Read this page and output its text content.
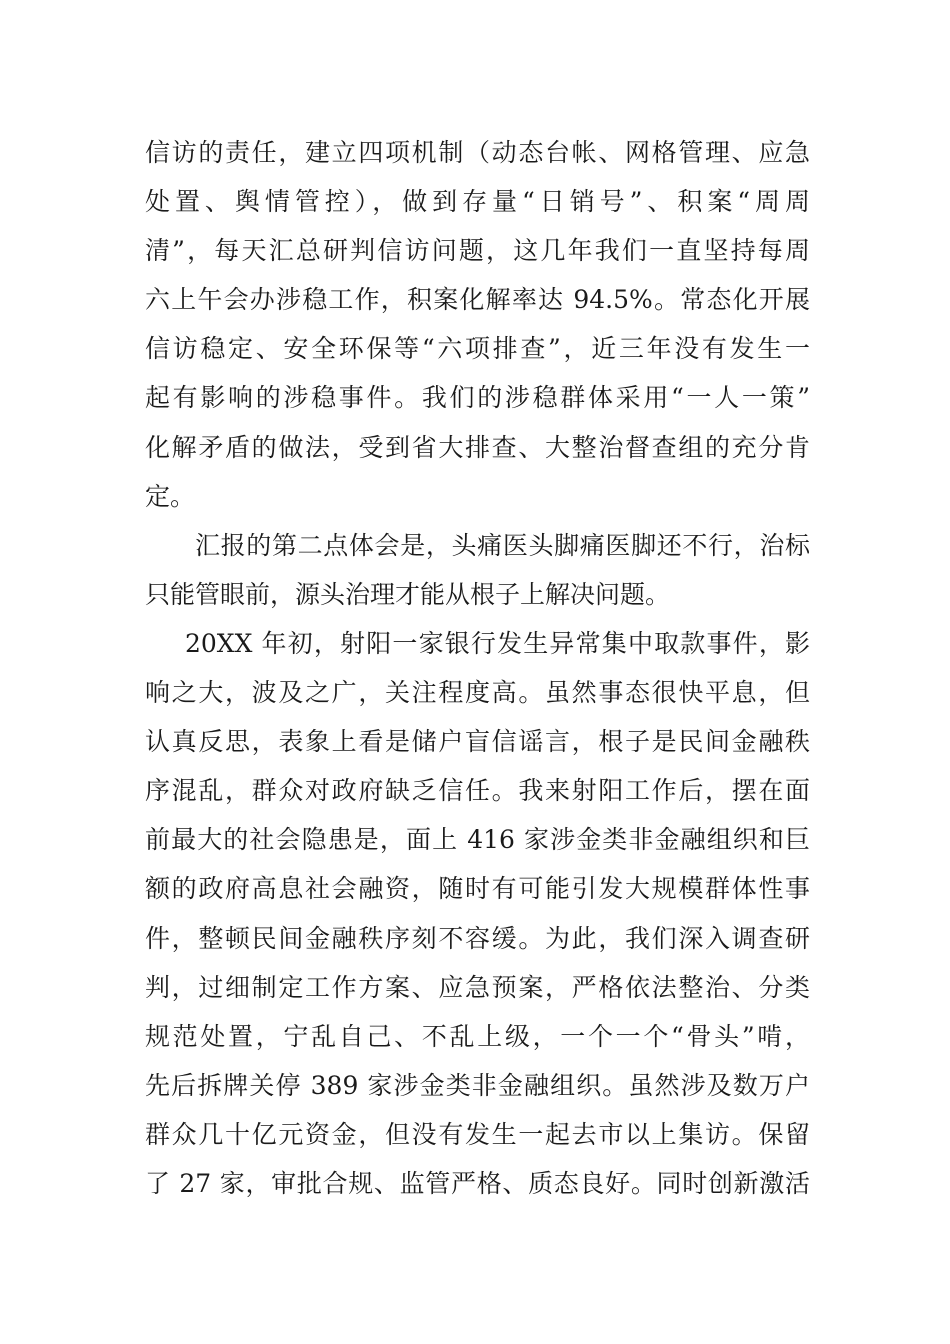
信访的责任，建立四项机制（动态台帐、网格管理、应急
处置、舆情管控），做到存量“日销号”、积案“周周
清”，每天汇总研判信访问题，这几年我们一直坚持每周
六上午会办涉稳工作，积案化解率达 94.5%。常态化开展
信访稳定、安全环保等“六项排查”，近三年没有发生一
起有影响的涉稳事件。我们的涉稳群体采用“一人一策”
化解矛盾的做法，受到省大排查、大整治督查组的充分肯
定。
汇报的第二点体会是，头痛医头脚痛医脚还不行，治标
只能管眼前，源头治理才能从根子上解决问题。
20XX 年初，射阳一家银行发生异常集中取款事件，影
响之大，波及之广，关注程度高。虽然事态很快平息，但
认真反思，表象上看是储户盲信谣言，根子是民间金融秩
序混乱，群众对政府缺乏信任。我来射阳工作后，摆在面
前最大的社会隐患是，面上 416 家涉金类非金融组织和巨
额的政府高息社会融资，随时有可能引发大规模群体性事
件，整顿民间金融秩序刻不容缓。为此，我们深入调查研
判，过细制定工作方案、应急预案，严格依法整治、分类
规范处置，宁乱自己、不乱上级，一个一个“骨头”啃，
先后拆牌关停 389 家涉金类非金融组织。虽然涉及数万户
群众几十亿元资金，但没有发生一起去市以上集访。保留
了 27 家，审批合规、监管严格、质态良好。同时创新激活
